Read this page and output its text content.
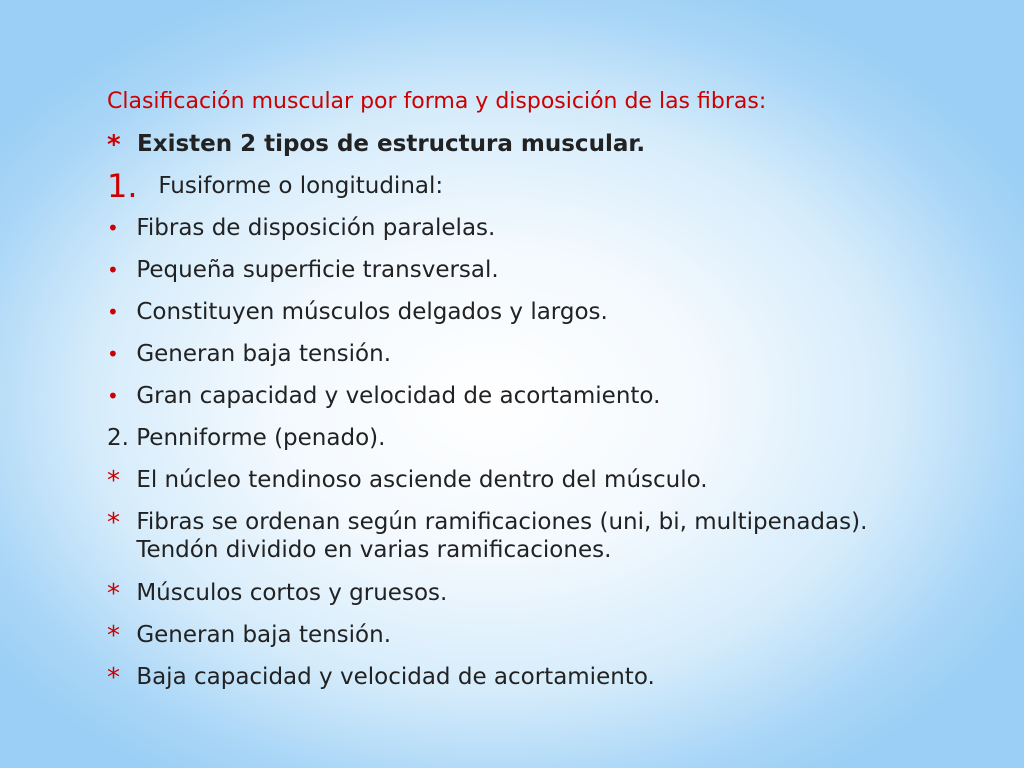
Clasificación muscular por forma y disposición de las fibras:
* Existen 2 tipos de estructura muscular.
1. Fusiforme o longitudinal:
• Fibras de disposición paralelas.
• Pequeña superficie transversal.
• Constituyen músculos delgados y largos.
• Generan baja tensión.
• Gran capacidad y velocidad de acortamiento.
2. Penniforme (penado).
* El núcleo tendinoso asciende dentro del músculo.
* Fibras se ordenan según ramificaciones (uni, bi, multipenadas). Tendón dividido en varias ramificaciones.
* Músculos cortos y gruesos.
* Generan baja tensión.
* Baja capacidad y velocidad de acortamiento.
